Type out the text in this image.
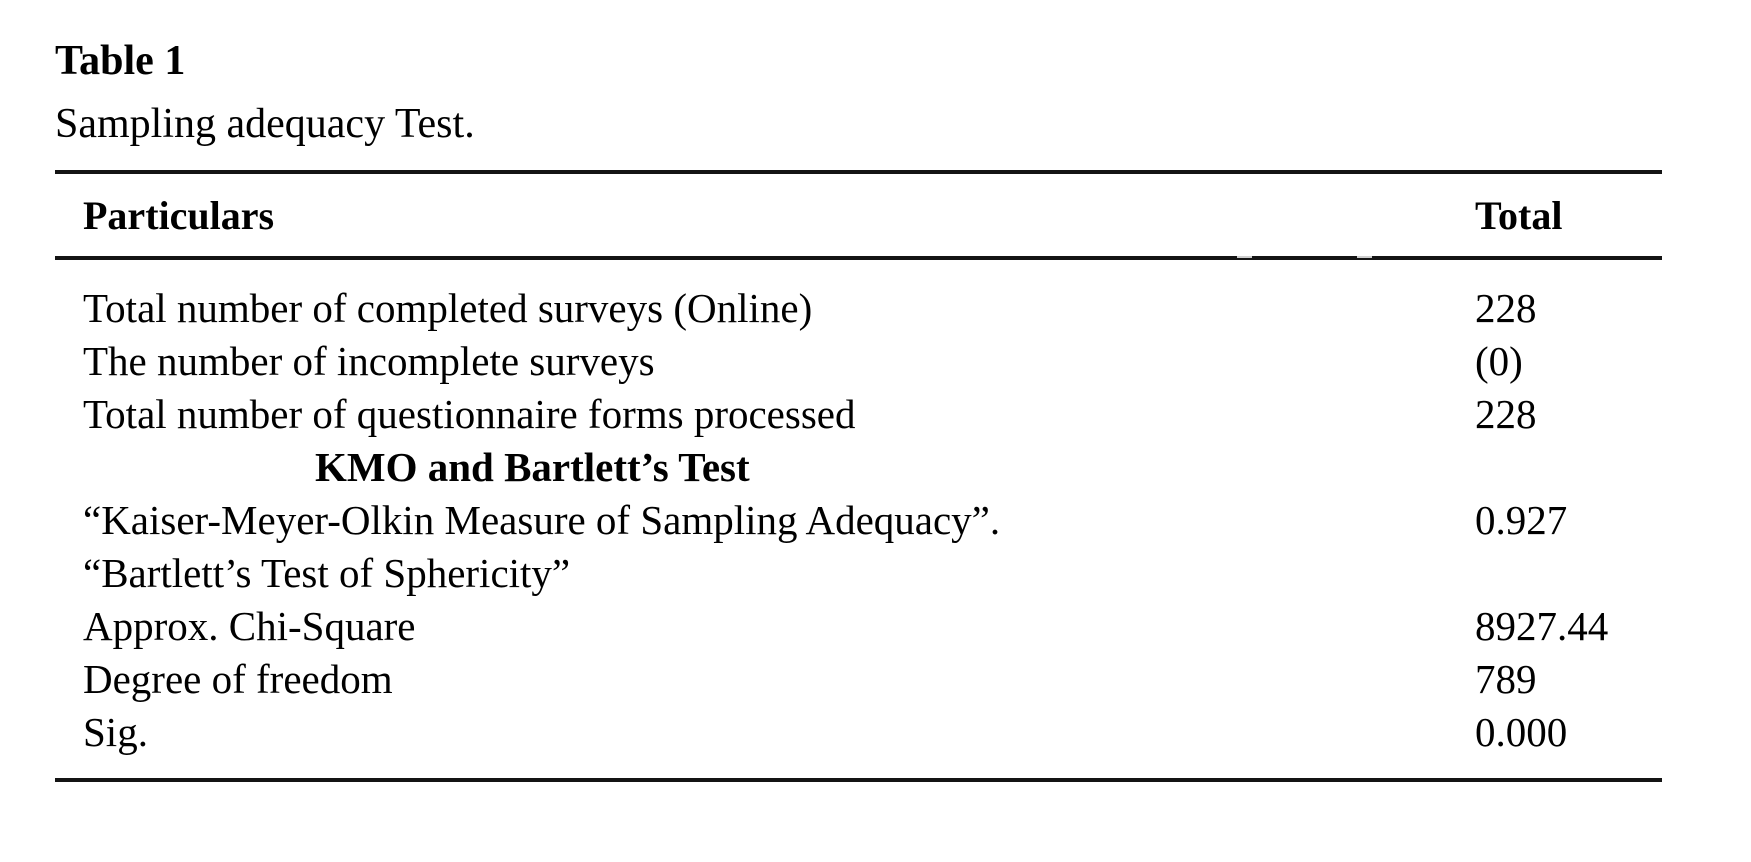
Table 1
Sampling adequacy Test.
Particulars	Total
Total number of completed surveys (Online)	228
The number of incomplete surveys	(0)
Total number of questionnaire forms processed	228
KMO and Bartlett’s Test
“Kaiser-Meyer-Olkin Measure of Sampling Adequacy”.	0.927
“Bartlett’s Test of Sphericity”
Approx. Chi-Square	8927.44
Degree of freedom	789
Sig.	0.000
